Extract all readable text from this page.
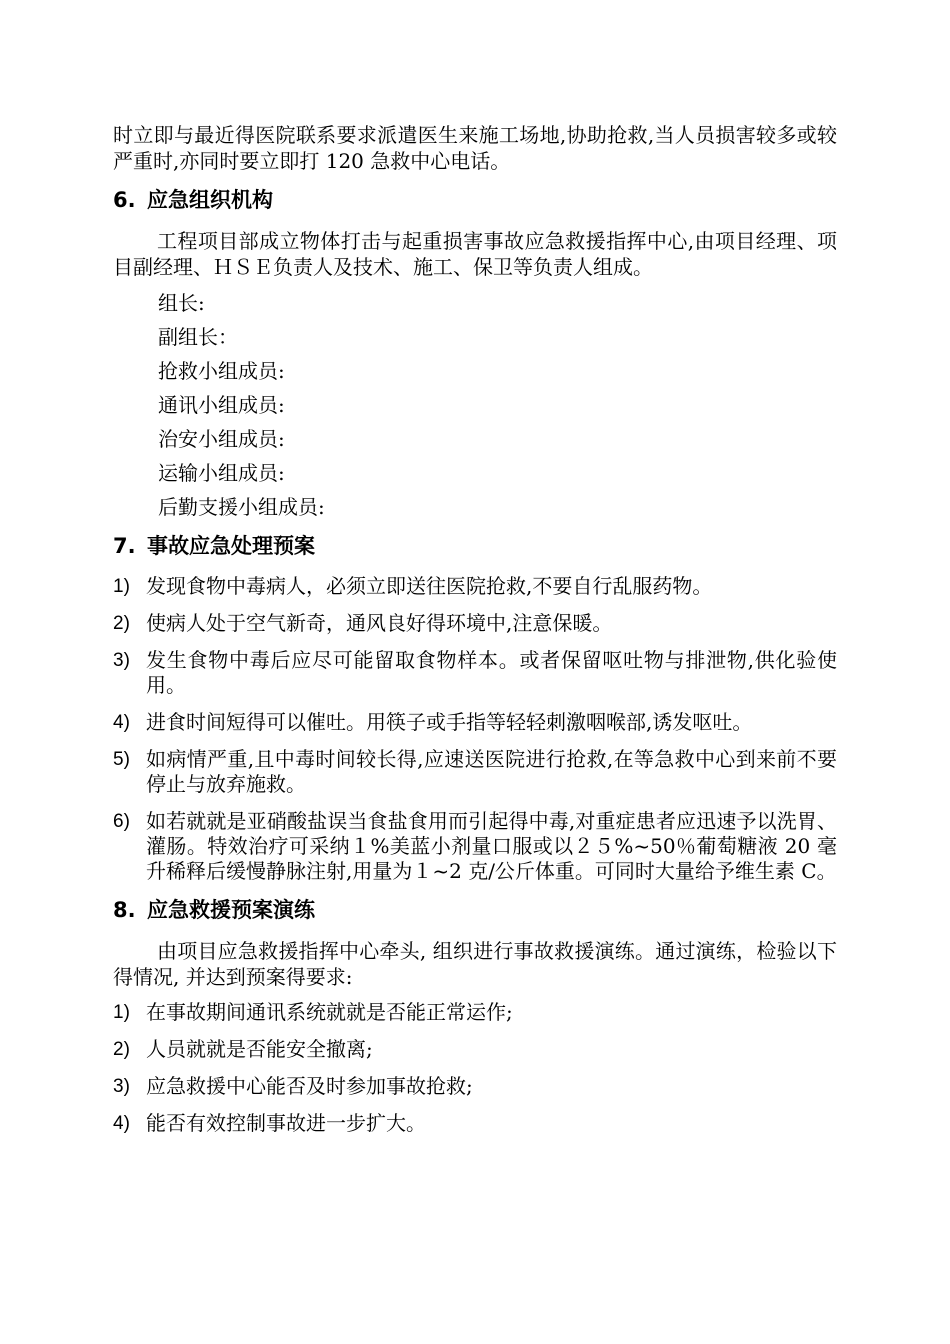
时立即与最近得医院联系要求派遣医生来施工场地,协助抢救,当人员损害较多或较严重时,亦同时要立即打 120 急救中心电话。

6. 应急组织机构

工程项目部成立物体打击与起重损害事故应急救援指挥中心,由项目经理、项目副经理、ＨＳＥ负责人及技术、施工、保卫等负责人组成。

组长:

副组长：

抢救小组成员:

通讯小组成员:

治安小组成员:

运输小组成员:

后勤支援小组成员:

7. 事故应急处理预案
1) 发现食物中毒病人，必须立即送往医院抢救,不要自行乱服药物。
2) 使病人处于空气新奇，通风良好得环境中,注意保暖。
3) 发生食物中毒后应尽可能留取食物样本。或者保留呕吐物与排泄物,供化验使用。
4) 进食时间短得可以催吐。用筷子或手指等轻轻刺激咽喉部,诱发呕吐。
5) 如病情严重,且中毒时间较长得,应速送医院进行抢救,在等急救中心到来前不要停止与放弃施救。
6) 如若就就是亚硝酸盐误当食盐食用而引起得中毒,对重症患者应迅速予以洗胃、灌肠。特效治疗可采纳１%美蓝小剂量口服或以２５%~50％葡萄糖液 20 毫升稀释后缓慢静脉注射,用量为１~2 克/公斤体重。可同时大量给予维生素 C。
8. 应急救援预案演练

由项目应急救援指挥中心牵头, 组织进行事故救援演练。通过演练，检验以下得情况, 并达到预案得要求:

1) 在事故期间通讯系统就就是否能正常运作;
2) 人员就就是否能安全撤离;
3) 应急救援中心能否及时参加事故抢救;
4) 能否有效控制事故进一步扩大。
